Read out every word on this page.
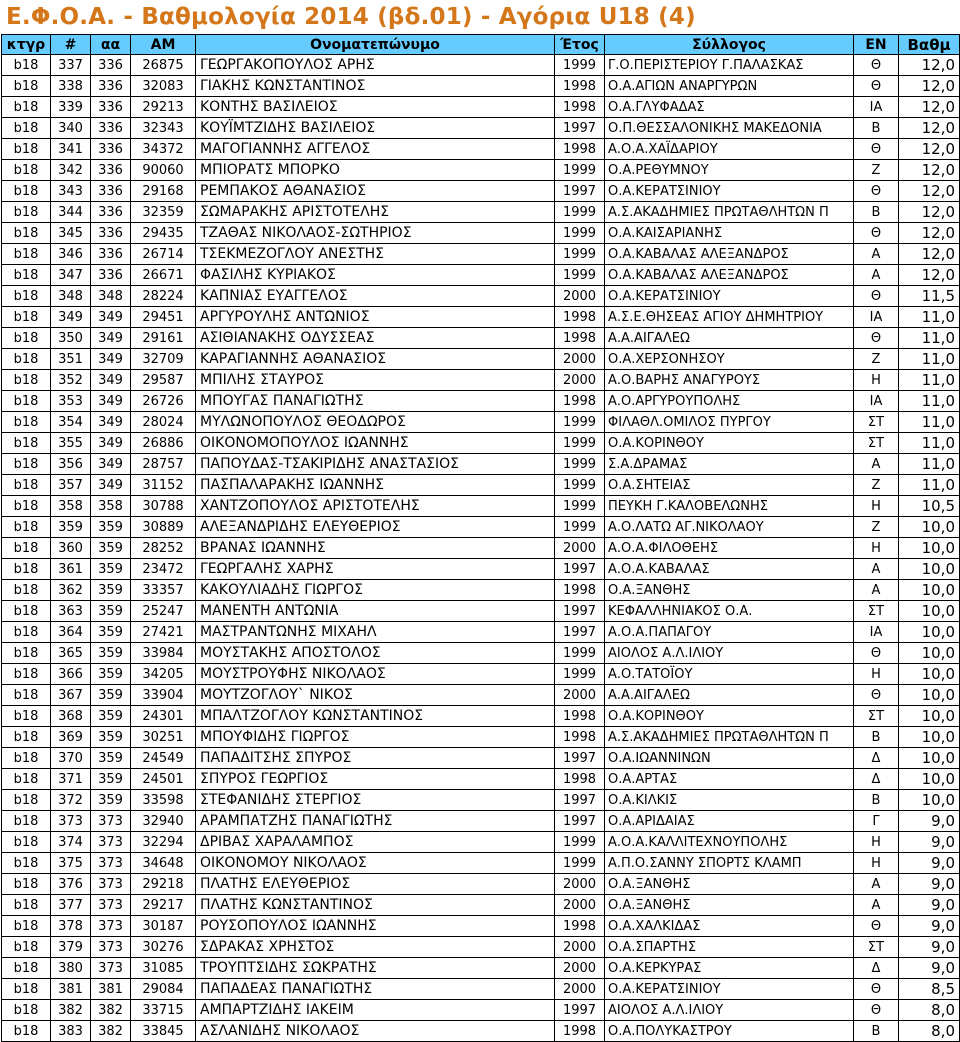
Ε.Φ.Ο.Α. - Βαθμολογία 2014 (βδ.01) - Αγόρια U18 (4)
κτγρ	#	αα	ΑΜ	Ονοματεπώνυμο	Έτος	Σύλλογος	ΕΝ	Βαθμ
b18	337	336	26875	ΓΕΩΡΓΑΚΟΠΟΥΛΟΣ ΑΡΗΣ	1999	Γ.Ο.ΠΕΡΙΣΤΕΡΙΟΥ Γ.ΠΑΛΑΣΚΑΣ	Θ	12,0
b18	338	336	32083	ΓΙΑΚΗΣ ΚΩΝΣΤΑΝΤΙΝΟΣ	1998	Ο.Α.ΑΓΙΩΝ ΑΝΑΡΓΥΡΩΝ	Θ	12,0
b18	339	336	29213	ΚΟΝΤΗΣ ΒΑΣΙΛΕΙΟΣ	1998	Ο.Α.ΓΛΥΦΑΔΑΣ	ΙΑ	12,0
b18	340	336	32343	ΚΟΥΪΜΤΖΙΔΗΣ ΒΑΣΙΛΕΙΟΣ	1997	Ο.Π.ΘΕΣΣΑΛΟΝΙΚΗΣ ΜΑΚΕΔΟΝΙΑ	Β	12,0
b18	341	336	34372	ΜΑΓΟΓΙΑΝΝΗΣ ΑΓΓΕΛΟΣ	1998	Α.Ο.Α.ΧΑΪΔΑΡΙΟΥ	Θ	12,0
b18	342	336	90060	ΜΠΙΟΡΑΤΣ ΜΠΟΡΚΟ	1999	Ο.Α.ΡΕΘΥΜΝΟΥ	Ζ	12,0
b18	343	336	29168	ΡΕΜΠΑΚΟΣ ΑΘΑΝΑΣΙΟΣ	1997	Ο.Α.ΚΕΡΑΤΣΙΝΙΟΥ	Θ	12,0
b18	344	336	32359	ΣΩΜΑΡΑΚΗΣ ΑΡΙΣΤΟΤΕΛΗΣ	1999	Α.Σ.ΑΚΑΔΗΜΙΕΣ ΠΡΩΤΑΘΛΗΤΩΝ Π	Β	12,0
b18	345	336	29435	ΤΖΑΘΑΣ ΝΙΚΟΛΑΟΣ-ΣΩΤΗΡΙΟΣ	1999	Ο.Α.ΚΑΙΣΑΡΙΑΝΗΣ	Θ	12,0
b18	346	336	26714	ΤΣΕΚΜΕΖΟΓΛΟΥ ΑΝΕΣΤΗΣ	1999	Ο.Α.ΚΑΒΑΛΑΣ ΑΛΕΞΑΝΔΡΟΣ	Α	12,0
b18	347	336	26671	ΦΑΣΙΛΗΣ ΚΥΡΙΑΚΟΣ	1999	Ο.Α.ΚΑΒΑΛΑΣ ΑΛΕΞΑΝΔΡΟΣ	Α	12,0
b18	348	348	28224	ΚΑΠΝΙΑΣ ΕΥΑΓΓΕΛΟΣ	2000	Ο.Α.ΚΕΡΑΤΣΙΝΙΟΥ	Θ	11,5
b18	349	349	29451	ΑΡΓΥΡΟΥΛΗΣ ΑΝΤΩΝΙΟΣ	1998	Α.Σ.Ε.ΘΗΣΕΑΣ ΑΓΙΟΥ ΔΗΜΗΤΡΙΟΥ	ΙΑ	11,0
b18	350	349	29161	ΑΣΙΘΙΑΝΑΚΗΣ ΟΔΥΣΣΕΑΣ	1998	Α.Α.ΑΙΓΑΛΕΩ	Θ	11,0
b18	351	349	32709	ΚΑΡΑΓΙΑΝΝΗΣ ΑΘΑΝΑΣΙΟΣ	2000	Ο.Α.ΧΕΡΣΟΝΗΣΟΥ	Ζ	11,0
b18	352	349	29587	ΜΠΙΛΗΣ ΣΤΑΥΡΟΣ	2000	Α.Ο.ΒΑΡΗΣ ΑΝΑΓΥΡΟΥΣ	Η	11,0
b18	353	349	26726	ΜΠΟΥΓΑΣ ΠΑΝΑΓΙΩΤΗΣ	1998	Α.Ο.ΑΡΓΥΡΟΥΠΟΛΗΣ	ΙΑ	11,0
b18	354	349	28024	ΜΥΛΩΝΟΠΟΥΛΟΣ ΘΕΟΔΩΡΟΣ	1999	ΦΙΛΑΘΛ.ΟΜΙΛΟΣ ΠΥΡΓΟΥ	ΣΤ	11,0
b18	355	349	26886	ΟΙΚΟΝΟΜΟΠΟΥΛΟΣ ΙΩΑΝΝΗΣ	1999	Ο.Α.ΚΟΡΙΝΘΟΥ	ΣΤ	11,0
b18	356	349	28757	ΠΑΠΟΥΔΑΣ-ΤΣΑΚΙΡΙΔΗΣ ΑΝΑΣΤΑΣΙΟΣ	1999	Σ.Α.ΔΡΑΜΑΣ	Α	11,0
b18	357	349	31152	ΠΑΣΠΑΛΑΡΑΚΗΣ ΙΩΑΝΝΗΣ	1999	Ο.Α.ΣΗΤΕΙΑΣ	Ζ	11,0
b18	358	358	30788	ΧΑΝΤΖΟΠΟΥΛΟΣ ΑΡΙΣΤΟΤΕΛΗΣ	1999	ΠΕΥΚΗ Γ.ΚΑΛΟΒΕΛΩΝΗΣ	Η	10,5
b18	359	359	30889	ΑΛΕΞΑΝΔΡΙΔΗΣ ΕΛΕΥΘΕΡΙΟΣ	1999	Α.Ο.ΛΑΤΩ ΑΓ.ΝΙΚΟΛΑΟΥ	Ζ	10,0
b18	360	359	28252	ΒΡΑΝΑΣ ΙΩΑΝΝΗΣ	2000	Α.Ο.Α.ΦΙΛΟΘΕΗΣ	Η	10,0
b18	361	359	23472	ΓΕΩΡΓΑΛΗΣ ΧΑΡΗΣ	1997	Α.Ο.Α.ΚΑΒΑΛΑΣ	Α	10,0
b18	362	359	33357	ΚΑΚΟΥΛΙΑΔΗΣ ΓΙΩΡΓΟΣ	1998	Ο.Α.ΞΑΝΘΗΣ	Α	10,0
b18	363	359	25247	ΜΑΝΕΝΤΗ ΑΝΤΩΝΙΑ	1997	ΚΕΦΑΛΛΗΝΙΑΚΟΣ Ο.Α.	ΣΤ	10,0
b18	364	359	27421	ΜΑΣΤΡΑΝΤΩΝΗΣ ΜΙΧΑΗΛ	1997	Α.Ο.Α.ΠΑΠΑΓΟΥ	ΙΑ	10,0
b18	365	359	33984	ΜΟΥΣΤΑΚΗΣ ΑΠΟΣΤΟΛΟΣ	1999	ΑΙΟΛΟΣ Α.Λ.ΙΛΙΟΥ	Θ	10,0
b18	366	359	34205	ΜΟΥΣΤΡΟΥΦΗΣ ΝΙΚΟΛΑΟΣ	1999	Α.Ο.ΤΑΤΟΪΟΥ	Η	10,0
b18	367	359	33904	ΜΟΥΤΖΟΓΛΟΥ` ΝΙΚΟΣ	2000	Α.Α.ΑΙΓΑΛΕΩ	Θ	10,0
b18	368	359	24301	ΜΠΑΛΤΖΟΓΛΟΥ ΚΩΝΣΤΑΝΤΙΝΟΣ	1998	Ο.Α.ΚΟΡΙΝΘΟΥ	ΣΤ	10,0
b18	369	359	30251	ΜΠΟΥΦΙΔΗΣ ΓΙΩΡΓΟΣ	1998	Α.Σ.ΑΚΑΔΗΜΙΕΣ ΠΡΩΤΑΘΛΗΤΩΝ Π	Β	10,0
b18	370	359	24549	ΠΑΠΑΔΙΤΣΗΣ ΣΠΥΡΟΣ	1997	Ο.Α.ΙΩΑΝΝΙΝΩΝ	Δ	10,0
b18	371	359	24501	ΣΠΥΡΟΣ ΓΕΩΡΓΙΟΣ	1998	Ο.Α.ΑΡΤΑΣ	Δ	10,0
b18	372	359	33598	ΣΤΕΦΑΝΙΔΗΣ ΣΤΕΡΓΙΟΣ	1997	Ο.Α.ΚΙΛΚΙΣ	Β	10,0
b18	373	373	32940	ΑΡΑΜΠΑΤΖΗΣ ΠΑΝΑΓΙΩΤΗΣ	1997	Ο.Α.ΑΡΙΔΑΙΑΣ	Γ	9,0
b18	374	373	32294	ΔΡΙΒΑΣ ΧΑΡΑΛΑΜΠΟΣ	1999	Α.Ο.Α.ΚΑΛΛΙΤΕΧΝΟΥΠΟΛΗΣ	Η	9,0
b18	375	373	34648	ΟΙΚΟΝΟΜΟΥ ΝΙΚΟΛΑΟΣ	1999	Α.Π.Ο.ΣΑΝΝΥ ΣΠΟΡΤΣ ΚΛΑΜΠ	Η	9,0
b18	376	373	29218	ΠΛΑΤΗΣ ΕΛΕΥΘΕΡΙΟΣ	2000	Ο.Α.ΞΑΝΘΗΣ	Α	9,0
b18	377	373	29217	ΠΛΑΤΗΣ ΚΩΝΣΤΑΝΤΙΝΟΣ	2000	Ο.Α.ΞΑΝΘΗΣ	Α	9,0
b18	378	373	30187	ΡΟΥΣΟΠΟΥΛΟΣ ΙΩΑΝΝΗΣ	1998	Ο.Α.ΧΑΛΚΙΔΑΣ	Θ	9,0
b18	379	373	30276	ΣΔΡΑΚΑΣ ΧΡΗΣΤΟΣ	2000	Ο.Α.ΣΠΑΡΤΗΣ	ΣΤ	9,0
b18	380	373	31085	ΤΡΟΥΠΤΣΙΔΗΣ ΣΩΚΡΑΤΗΣ	2000	Ο.Α.ΚΕΡΚΥΡΑΣ	Δ	9,0
b18	381	381	29084	ΠΑΠΑΔΕΑΣ ΠΑΝΑΓΙΩΤΗΣ	2000	Ο.Α.ΚΕΡΑΤΣΙΝΙΟΥ	Θ	8,5
b18	382	382	33715	ΑΜΠΑΡΤΖΙΔΗΣ ΙΑΚΕΙΜ	1997	ΑΙΟΛΟΣ Α.Λ.ΙΛΙΟΥ	Θ	8,0
b18	383	382	33845	ΑΣΛΑΝΙΔΗΣ ΝΙΚΟΛΑΟΣ	1998	Ο.Α.ΠΟΛΥΚΑΣΤΡΟΥ	Β	8,0
